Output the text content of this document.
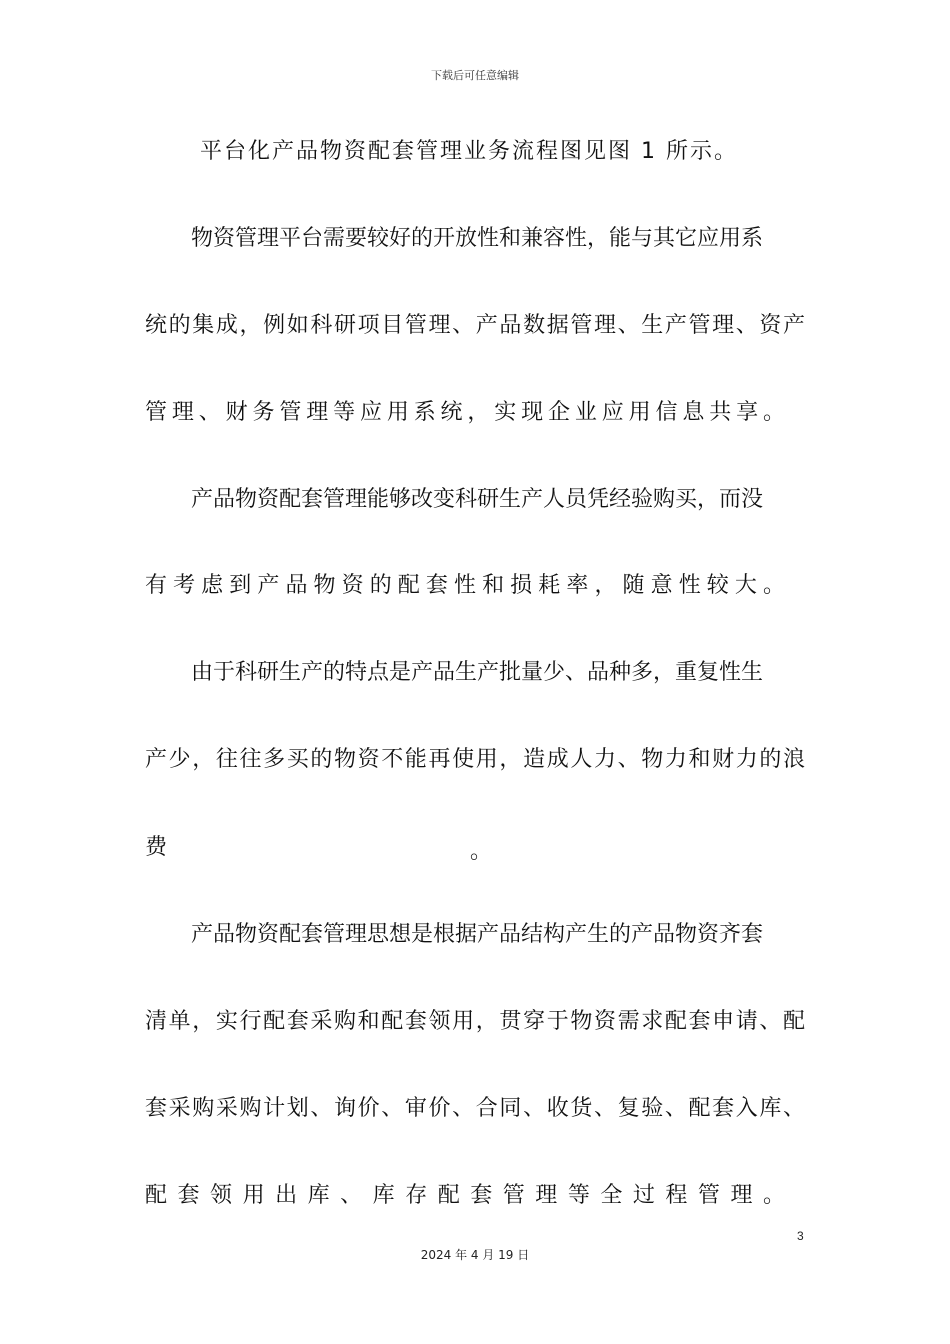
下载后可任意编辑
平台化产品物资配套管理业务流程图见图 1 所示。
物资管理平台需要较好的开放性和兼容性，能与其它应用系
统的集成，例如科研项目管理、产品数据管理、生产管理、资产
管理、财务管理等应用系统，实现企业应用信息共享。
产品物资配套管理能够改变科研生产人员凭经验购买，而没
有考虑到产品物资的配套性和损耗率，随意性较大。
由于科研生产的特点是产品生产批量少、品种多，重复性生
产少，往往多买的物资不能再使用，造成人力、物力和财力的浪
费	。
产品物资配套管理思想是根据产品结构产生的产品物资齐套
清单，实行配套采购和配套领用，贯穿于物资需求配套申请、配
套采购采购计划、询价、审价、合同、收货、复验、配套入库、
配套领用出库、库存配套管理等全过程管理。
3
2024 年 4 月 19 日
